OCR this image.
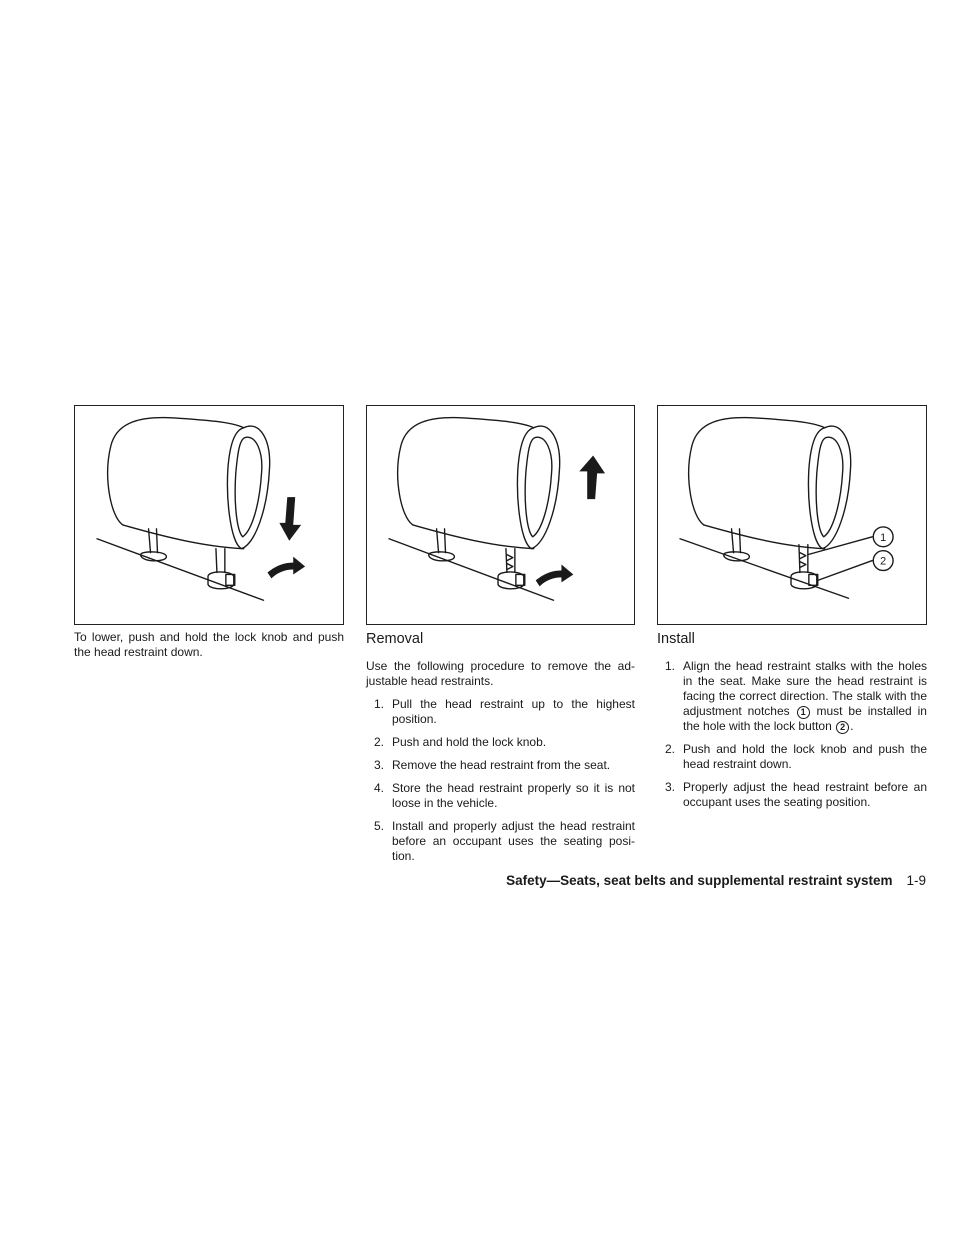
To lower, push and hold the lock knob and push the head restraint down.

Removal

Use the following procedure to remove the ad-justable head restraints.

1. Pull the head restraint up to the highest position.
2. Push and hold the lock knob.
3. Remove the head restraint from the seat.
4. Store the head restraint properly so it is not loose in the vehicle.
5. Install and properly adjust the head restraint before an occupant uses the seating posi-tion.
1
2
Install
1. Align the head restraint stalks with the holes in the seat. Make sure the head restraint is facing the correct direction. The stalk with the adjustment notches 1 must be installed in the hole with the lock button 2 .
2. Push and hold the lock knob and push the head restraint down.
3. Properly adjust the head restraint before an occupant uses the seating position.
Safety—Seats, seat belts and supplemental restraint system 1-9
